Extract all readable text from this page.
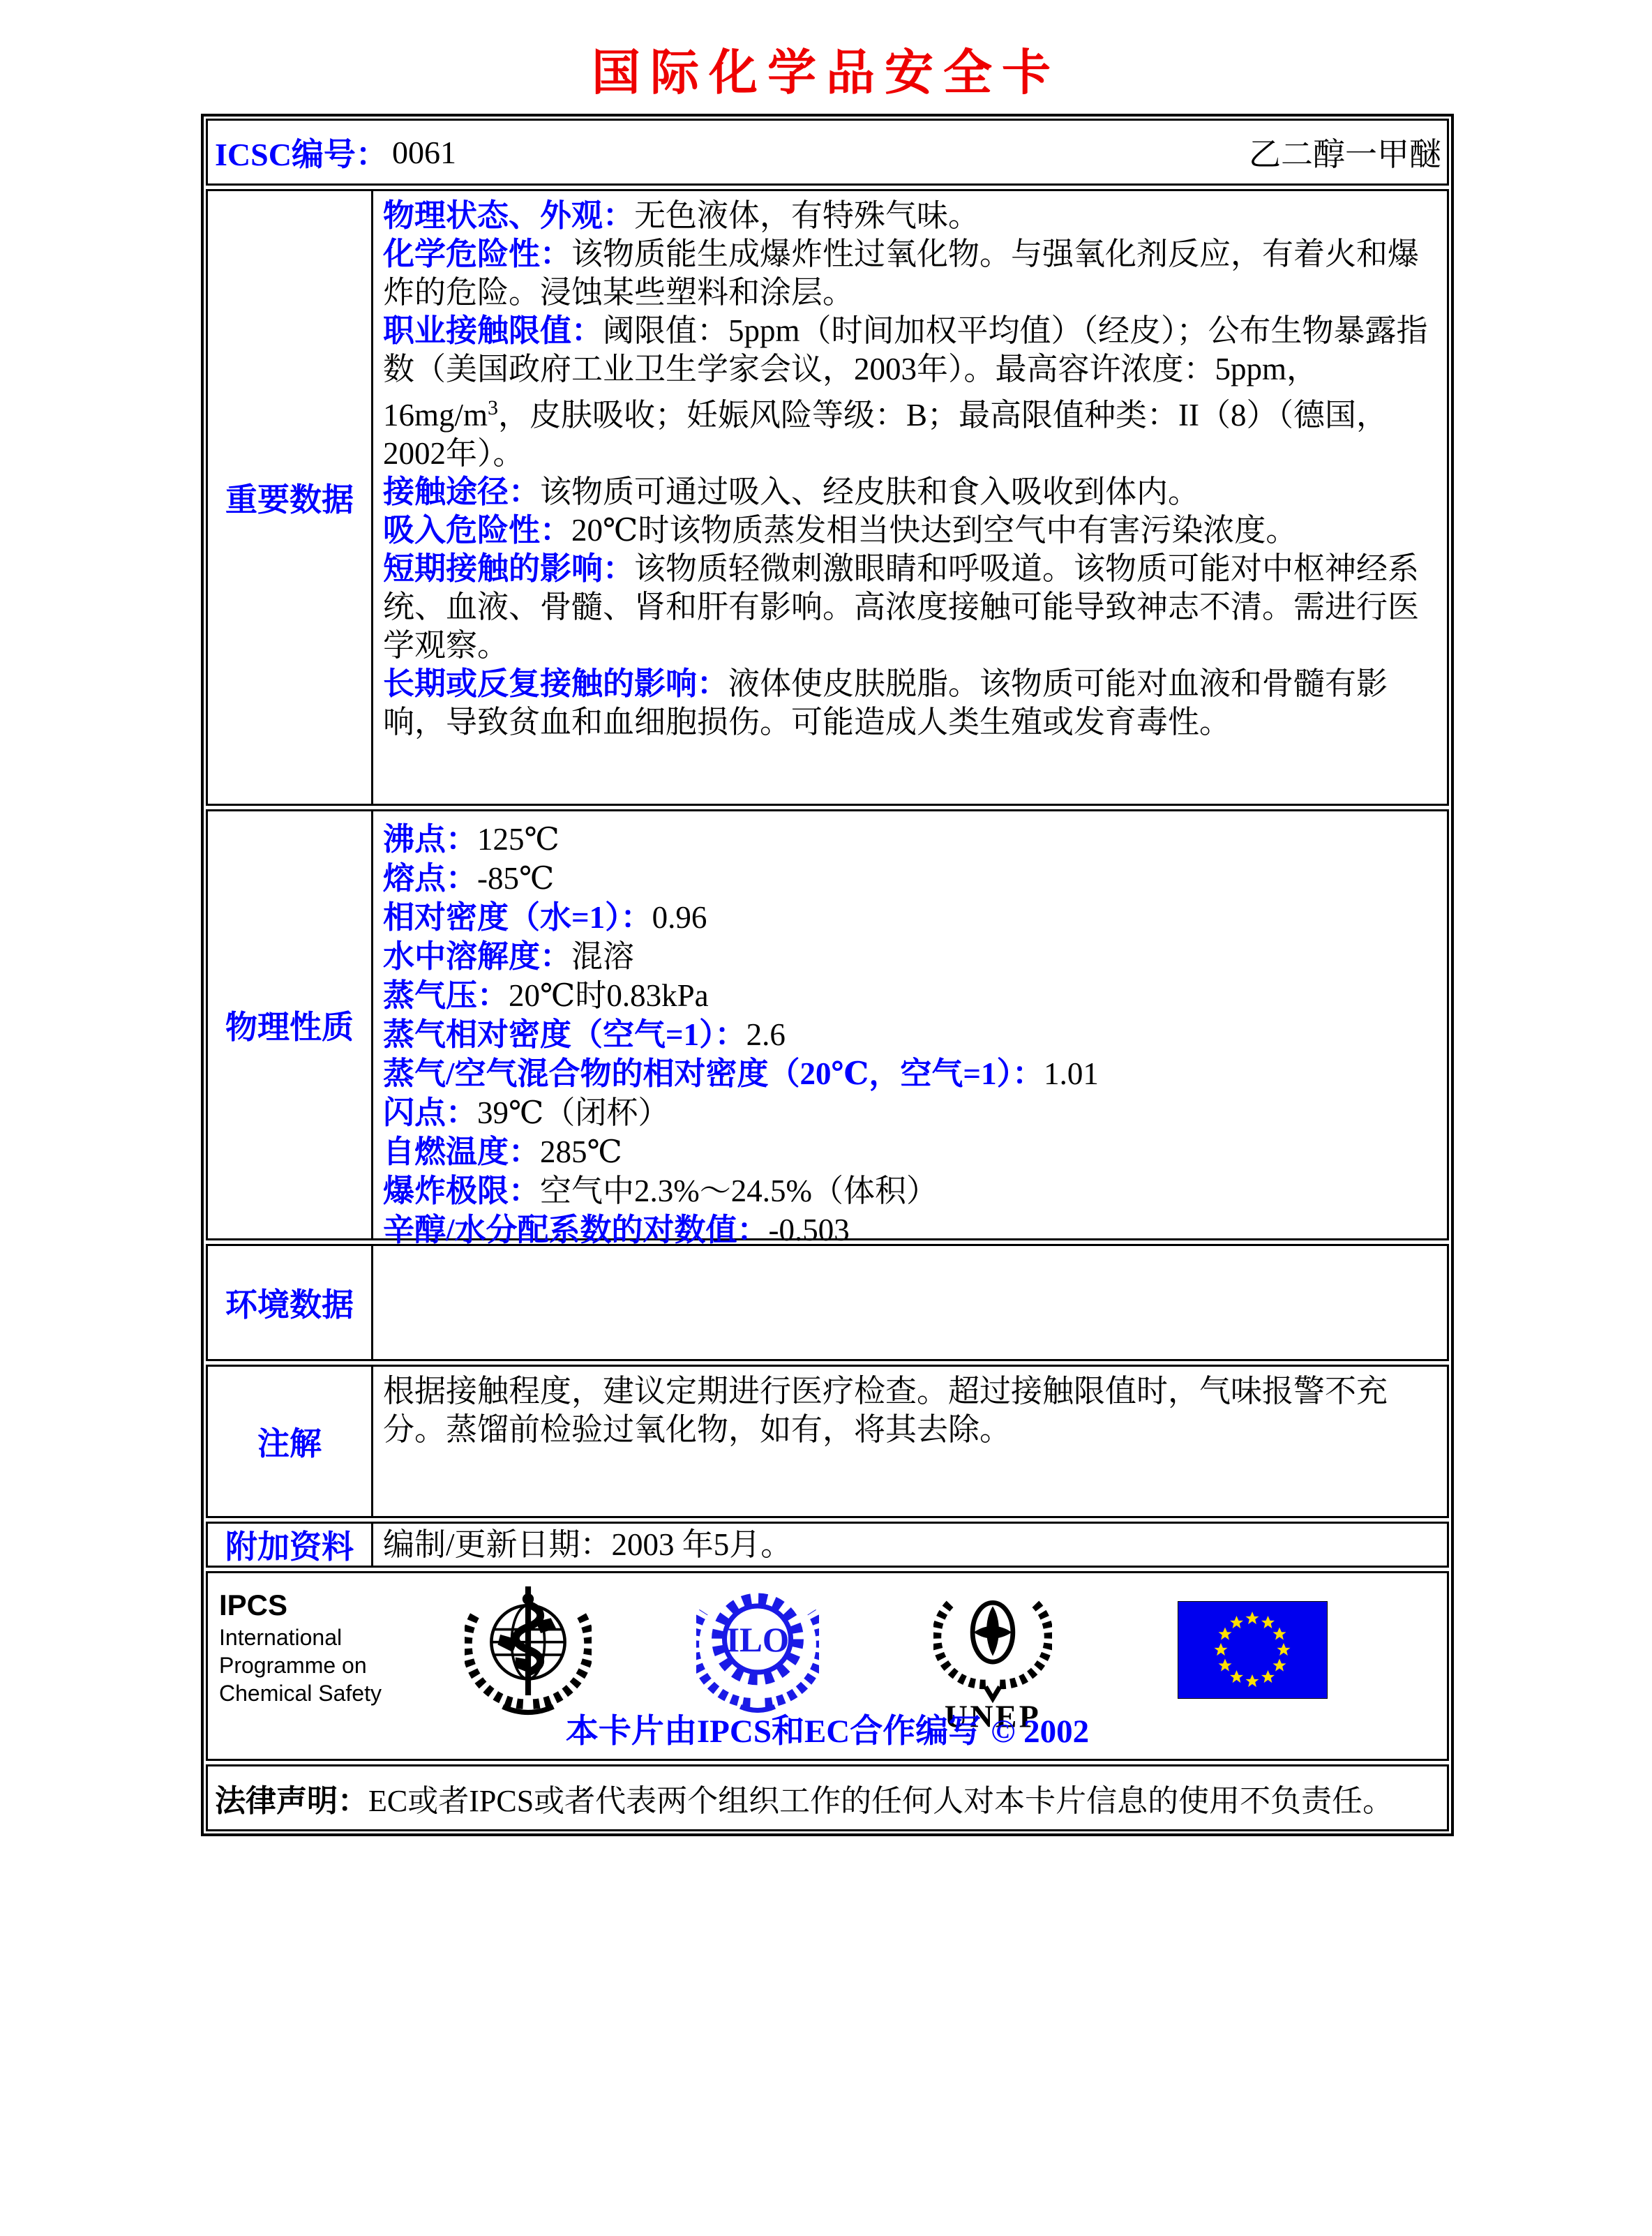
国际化学品安全卡
ICSC编号： 0061	乙二醇一甲醚
重要数据

物理状态、外观：无色液体，有特殊气味。

化学危险性：该物质能生成爆炸性过氧化物。与强氧化剂反应，有着火和爆炸的危险。浸蚀某些塑料和涂层。

职业接触限值：阈限值：5ppm（时间加权平均值）（经皮）；公布生物暴露指数（美国政府工业卫生学家会议，2003年）。最高容许浓度：5ppm，$16mg/m^3$，皮肤吸收；妊娠风险等级：B；最高限值种类：II（8）（德国，2002年）。

接触途径：该物质可通过吸入、经皮肤和食入吸收到体内。

吸入危险性：20℃时该物质蒸发相当快达到空气中有害污染浓度。

短期接触的影响：该物质轻微刺激眼睛和呼吸道。该物质可能对中枢神经系统、血液、骨髓、肾和肝有影响。高浓度接触可能导致神志不清。需进行医学观察。

长期或反复接触的影响：液体使皮肤脱脂。该物质可能对血液和骨髓有影响，导致贫血和血细胞损伤。可能造成人类生殖或发育毒性。

物理性质

沸点：125℃

熔点：-85℃

相对密度（水=1）：0.96

水中溶解度：混溶

蒸气压：20℃时0.83kPa

蒸气相对密度（空气=1）：2.6

蒸气/空气混合物的相对密度（20℃，空气=1）：1.01

闪点：39℃（闭杯）

自燃温度：285℃

爆炸极限：空气中2.3%～24.5%（体积）

辛醇/水分配系数的对数值：-0.503

环境数据
注解

根据接触程度，建议定期进行医疗检查。超过接触限值时，气味报警不充分。蒸馏前检验过氧化物，如有，将其去除。

附加资料 编制/更新日期：2003 年5月。

IPCS
International
Programme on
Chemical Safety
ILO
UNEP
本卡片由IPCS和EC合作编写 © 2002
法律声明： EC或者IPCS或者代表两个组织工作的任何人对本卡片信息的使用不负责任。
